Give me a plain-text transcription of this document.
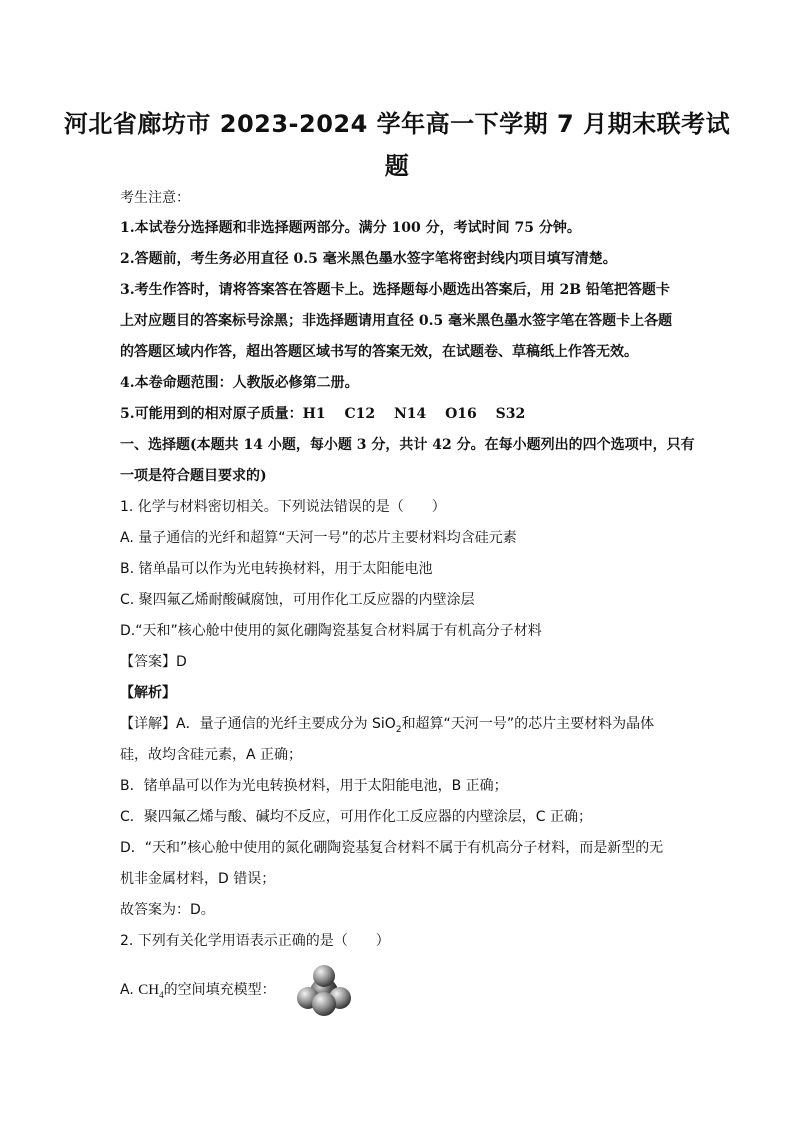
河北省廊坊市 2023-2024 学年高一下学期 7 月期末联考试
题
考生注意：
1.本试卷分选择题和非选择题两部分。满分 100 分，考试时间 75 分钟。
2.答题前，考生务必用直径 0.5 毫米黑色墨水签字笔将密封线内项目填写清楚。
3.考生作答时，请将答案答在答题卡上。选择题每小题选出答案后，用 2B 铅笔把答题卡
上对应题目的答案标号涂黑；非选择题请用直径 0.5 毫米黑色墨水签字笔在答题卡上各题
的答题区域内作答，超出答题区域书写的答案无效，在试题卷、草稿纸上作答无效。
4.本卷命题范围：人教版必修第二册。
5.可能用到的相对原子质量：H1　 C12　 N14　 O16　 S32
一、选择题(本题共 14 小题，每小题 3 分，共计 42 分。在每小题列出的四个选项中，只有
一项是符合题目要求的)
1. 化学与材料密切相关。下列说法错误的是（　　）
A. 量子通信的光纤和超算“天河一号”的芯片主要材料均含硅元素
B. 锗单晶可以作为光电转换材料，用于太阳能电池
C. 聚四氟乙烯耐酸碱腐蚀，可用作化工反应器的内壁涂层
D.“天和”核心舱中使用的氮化硼陶瓷基复合材料属于有机高分子材料
【答案】D
【解析】
【详解】A．量子通信的光纤主要成分为 SiO$_2$和超算“天河一号”的芯片主要材料为晶体
硅，故均含硅元素，A 正确；
B．锗单晶可以作为光电转换材料，用于太阳能电池，B 正确；
C．聚四氟乙烯与酸、碱均不反应，可用作化工反应器的内壁涂层，C 正确；
D．“天和”核心舱中使用的氮化硼陶瓷基复合材料不属于有机高分子材料，而是新型的无
机非金属材料，D 错误；
故答案为：D。
2. 下列有关化学用语表示正确的是（　　）
A. $CH_4$的空间填充模型：
